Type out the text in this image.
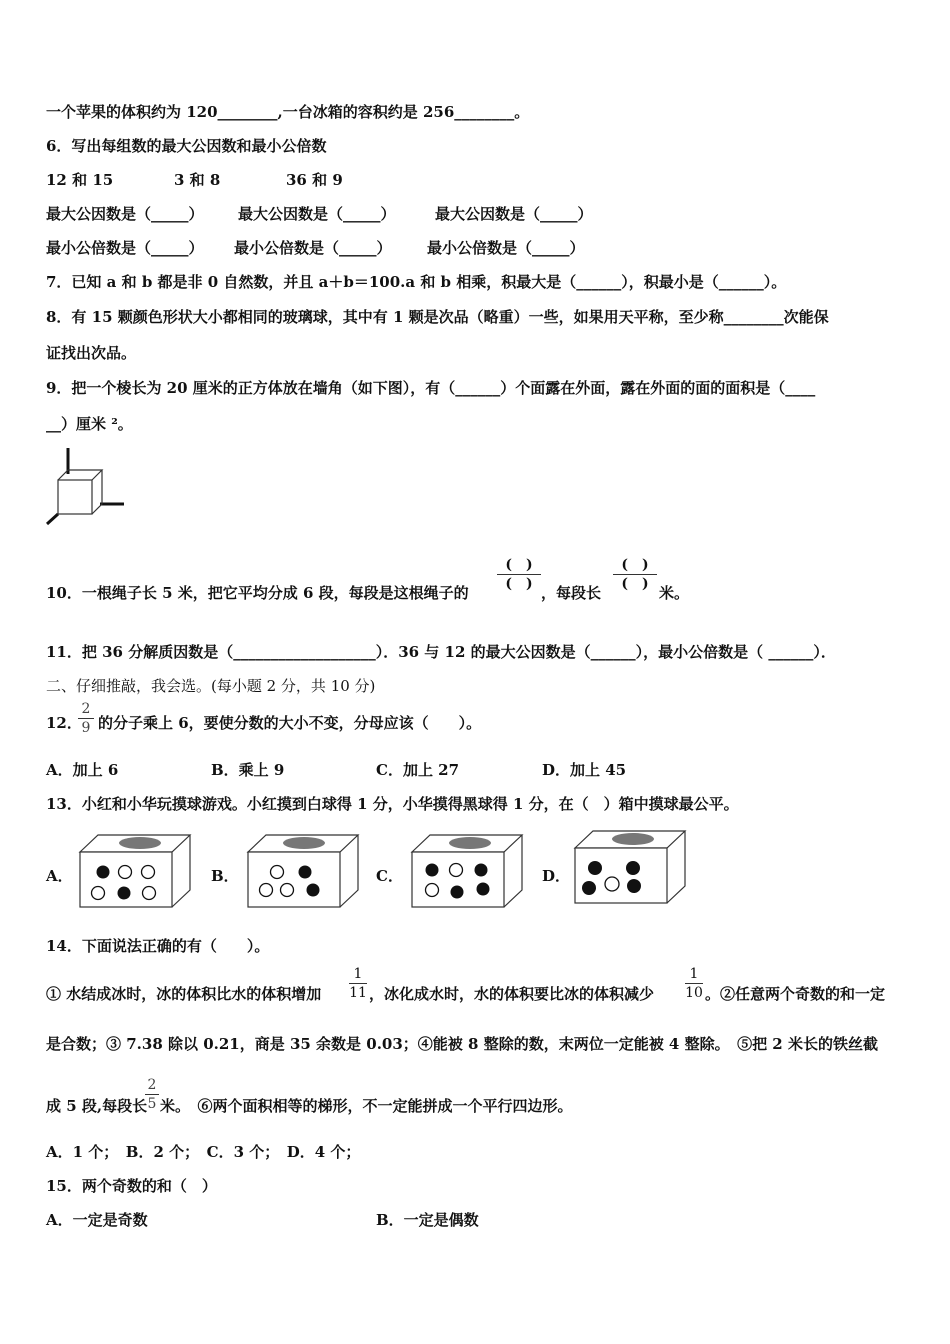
一个苹果的体积约为 120________,一台冰箱的容积约是 256________。
6．写出每组数的最大公因数和最小公倍数
12 和 15	3 和 8	36 和 9
最大公因数是（_____） 最大公因数是（_____）	最大公因数是（_____）
最小公倍数是（_____） 最小公倍数是（_____） 最小公倍数是（_____）
7．已知 a 和 b 都是非 0 自然数，并且 a＋b＝100.a 和 b 相乘，积最大是（______），积最小是（______）。
8．有 15 颗颜色形状大小都相同的玻璃球，其中有 1 颗是次品（略重）一些，如果用天平称，至少称________次能保
证找出次品。
9．把一个棱长为 20 厘米的正方体放在墙角（如下图），有（______）个面露在外面，露在外面的面的面积是（____
__）厘米 ²。
10．一根绳子长 5 米，把它平均分成 6 段，每段是这根绳子的
(　)
(　) ，每段长
(　)
(　) 米。
11．把 36 分解质因数是（___________________）．36 与 12 的最大公因数是（______），最小公倍数是（ ______）．
二、仔细推敲，我会选。(每小题 2 分，共 10 分)
12．
2
9 的分子乘上 6，要使分数的大小不变，分母应该（　　）。
A．加上 6	B．乘上 9	C．加上 27	D．加上 45
13．小红和小华玩摸球游戏。小红摸到白球得 1 分，小华摸得黑球得 1 分，在（　）箱中摸球最公平。
A．	B．	C．	D．
14．下面说法正确的有（　　）。
① 水结成冰时，冰的体积比水的体积增加
1
11 ，冰化成水时，水的体积要比冰的体积减少
1
10 。②任意两个奇数的和一定
是合数；③ 7.38 除以 0.21，商是 35 余数是 0.03；④能被 8 整除的数，末两位一定能被 4 整除。　⑤把 2 米长的铁丝截
成 5 段,每段长
2
5 米。　⑥两个面积相等的梯形，不一定能拼成一个平行四边形。
A．1 个；　B．2 个；　C．3 个；　D．4 个；
15．两个奇数的和（　）
A．一定是奇数	B．一定是偶数
